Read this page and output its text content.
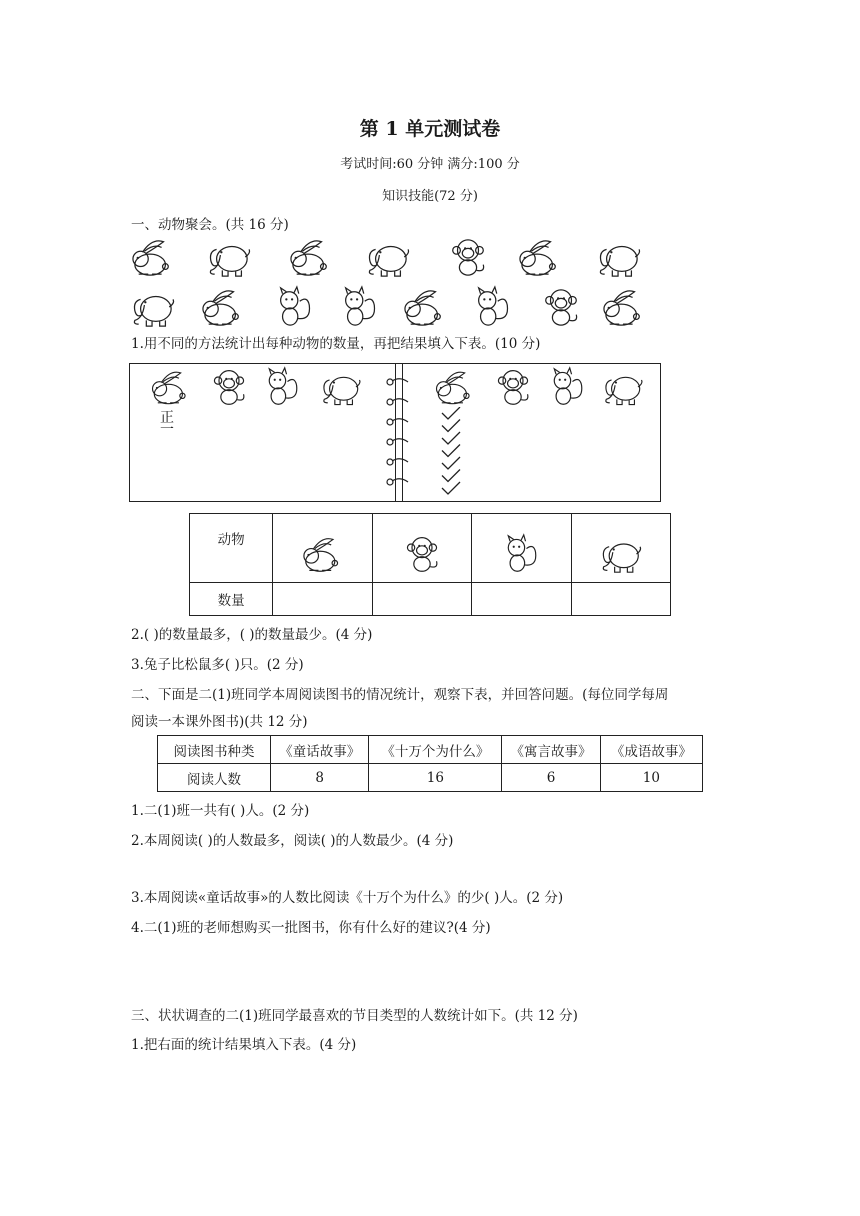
第 1 单元测试卷
考试时间:60 分钟 满分:100 分
知识技能(72 分)
一、动物聚会。(共 16 分)
1.用不同的方法统计出每种动物的数量，再把结果填入下表。(10 分)
正
一
动物				
数量				
2.( )的数量最多，( )的数量最少。(4 分)
3.兔子比松鼠多( )只。(2 分)
二、下面是二(1)班同学本周阅读图书的情况统计，观察下表，并回答问题。(每位同学每周
阅读一本课外图书)(共 12 分)
阅读图书种类	《童话故事》	《十万个为什么》	《寓言故事》	《成语故事》
阅读人数	8	16	6	10
1.二(1)班一共有( )人。(2 分)
2.本周阅读( )的人数最多，阅读( )的人数最少。(4 分)
3.本周阅读«童话故事»的人数比阅读《十万个为什么》的少( )人。(2 分)
4.二(1)班的老师想购买一批图书，你有什么好的建议?(4 分)
三、状状调查的二(1)班同学最喜欢的节目类型的人数统计如下。(共 12 分)
1.把右面的统计结果填入下表。(4 分)
